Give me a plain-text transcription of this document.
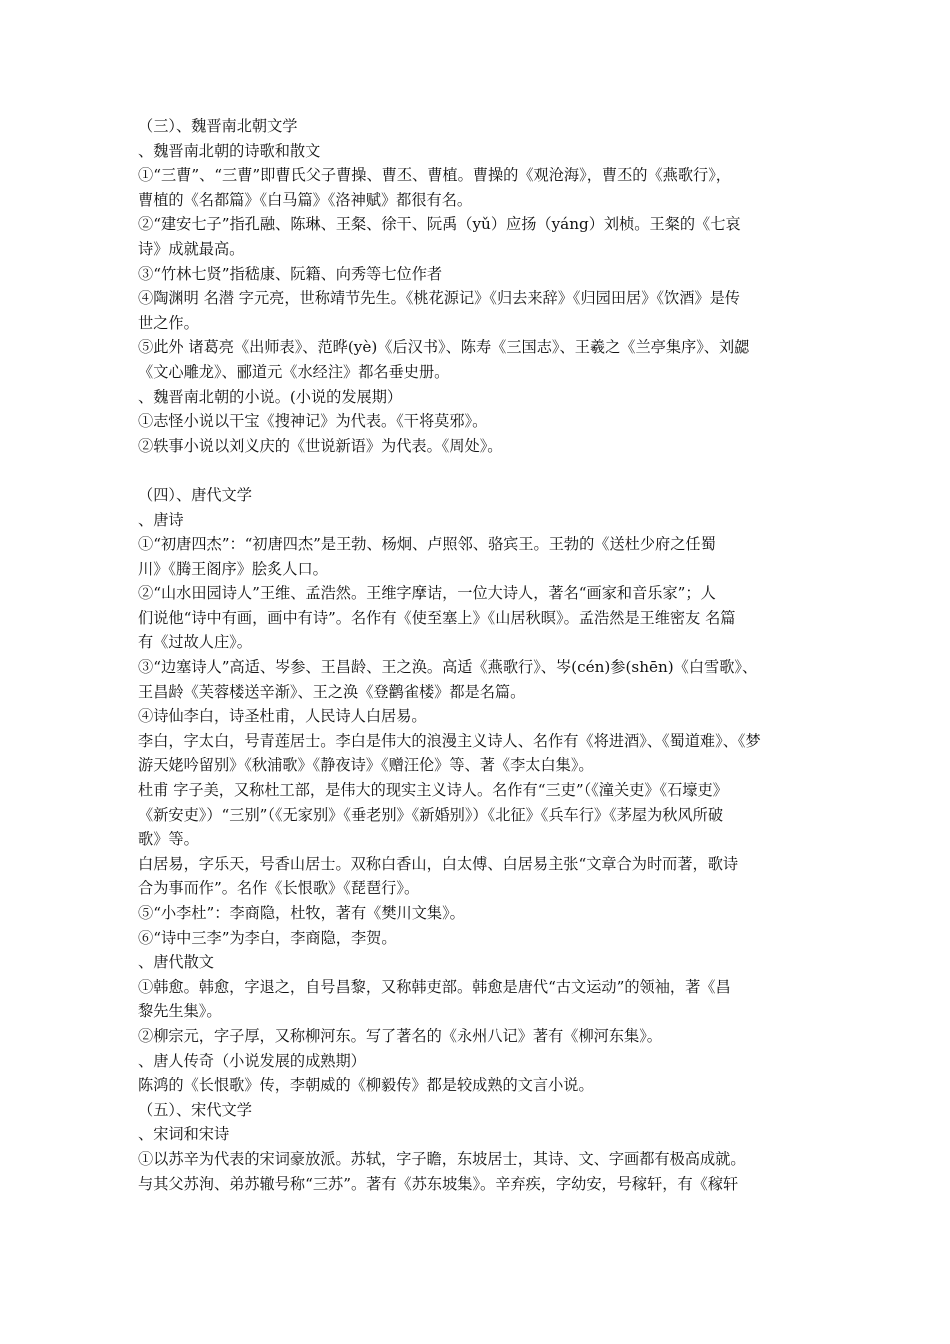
（三）、魏晋南北朝文学
、魏晋南北朝的诗歌和散文
①“三曹”、“三曹”即曹氏父子曹操、曹丕、曹植。曹操的《观沧海》，曹丕的《燕歌行》，
曹植的《名都篇》《白马篇》《洛神赋》都很有名。
②“建安七子”指孔融、陈琳、王粲、徐干、阮禹（yǔ）应扬（yáng）刘桢。王粲的《七哀
诗》成就最高。
③“竹林七贤”指嵇康、阮籍、向秀等七位作者
④陶渊明 名潜 字元亮，世称靖节先生。《桃花源记》《归去来辞》《归园田居》《饮酒》是传
世之作。
⑤此外 诸葛亮《出师表》、范晔(yè)《后汉书》、陈寿《三国志》、王羲之《兰亭集序》、刘勰
《文心雕龙》、郦道元《水经注》都名垂史册。
、魏晋南北朝的小说。(小说的发展期）
①志怪小说以干宝《搜神记》为代表。《干将莫邪》。
②轶事小说以刘义庆的《世说新语》为代表。《周处》。
（四）、唐代文学
、唐诗
①“初唐四杰”：“初唐四杰”是王勃、杨炯、卢照邻、骆宾王。王勃的《送杜少府之任蜀
川》《腾王阁序》脍炙人口。
②“山水田园诗人”王维、孟浩然。王维字摩诘，一位大诗人，著名“画家和音乐家”；人
们说他“诗中有画，画中有诗”。名作有《使至塞上》《山居秋暝》。孟浩然是王维密友 名篇
有《过故人庄》。
③“边塞诗人”高适、岑参、王昌龄、王之涣。高适《燕歌行》、岑(cén)参(shēn)《白雪歌》、
王昌龄《芙蓉楼送辛渐》、王之涣《登鹳雀楼》都是名篇。
④诗仙李白，诗圣杜甫，人民诗人白居易。
李白，字太白，号青莲居士。李白是伟大的浪漫主义诗人、名作有《将进酒》、《蜀道难》、《梦
游天姥吟留别》《秋浦歌》《静夜诗》《赠汪伦》等、著《李太白集》。
杜甫 字子美，又称杜工部，是伟大的现实主义诗人。名作有“三吏”（《潼关吏》《石壕吏》
《新安吏》）“三别”（《无家别》《垂老别》《新婚别》）《北征》《兵车行》《茅屋为秋风所破
歌》等。
白居易，字乐天，号香山居士。双称白香山，白太傅、白居易主张“文章合为时而著，歌诗
合为事而作”。名作《长恨歌》《琵琶行》。
⑤“小李杜”：李商隐，杜牧，著有《樊川文集》。
⑥“诗中三李”为李白，李商隐，李贺。
、唐代散文
①韩愈。韩愈，字退之，自号昌黎，又称韩吏部。韩愈是唐代“古文运动”的领袖，著《昌
黎先生集》。
②柳宗元，字子厚，又称柳河东。写了著名的《永州八记》著有《柳河东集》。
、唐人传奇（小说发展的成熟期）
陈鸿的《长恨歌》传，李朝威的《柳毅传》都是较成熟的文言小说。
（五）、宋代文学
、宋词和宋诗
①以苏辛为代表的宋词豪放派。苏轼，字子瞻，东坡居士，其诗、文、字画都有极高成就。
与其父苏洵、弟苏辙号称“三苏”。著有《苏东坡集》。辛弃疾，字幼安，号稼轩，有《稼轩
